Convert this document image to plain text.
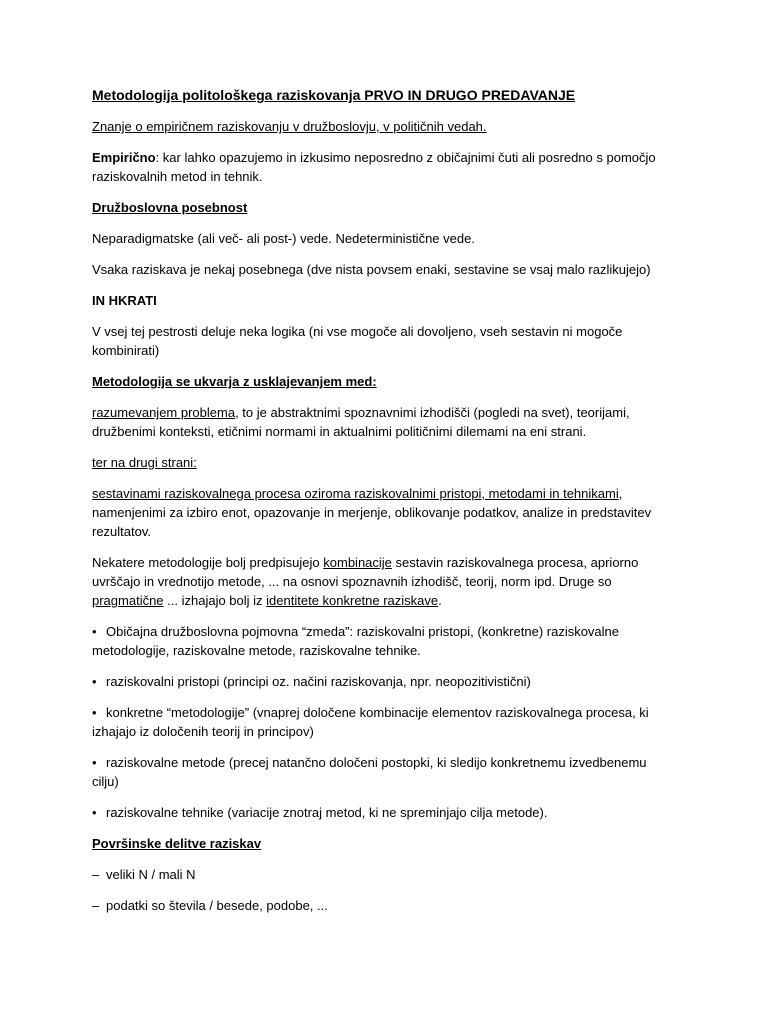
Metodologija politološkega raziskovanja PRVO IN DRUGO PREDAVANJE

Znanje o empiričnem raziskovanju v družboslovju, v političnih vedah.

Empirično: kar lahko opazujemo in izkusimo neposredno z običajnimi čuti ali posredno s pomočjo raziskovalnih metod in tehnik.

Družboslovna posebnost

Neparadigmatske (ali več- ali post-) vede. Nedeterministične vede.

Vsaka raziskava je nekaj posebnega (dve nista povsem enaki, sestavine se vsaj malo razlikujejo)

IN HKRATI

V vsej tej pestrosti deluje neka logika (ni vse mogoče ali dovoljeno, vseh sestavin ni mogoče kombinirati)

Metodologija se ukvarja z usklajevanjem med:

razumevanjem problema, to je abstraktnimi spoznavnimi izhodišči (pogledi na svet), teorijami, družbenimi konteksti, etičnimi normami in aktualnimi političnimi dilemami na eni strani.

ter na drugi strani:

sestavinami raziskovalnega procesa oziroma raziskovalnimi pristopi, metodami in tehnikami, namenjenimi za izbiro enot, opazovanje in merjenje, oblikovanje podatkov, analize in predstavitev rezultatov.

Nekatere metodologije bolj predpisujejo kombinacije sestavin raziskovalnega procesa, apriorno uvrščajo in vrednotijo metode, ... na osnovi spoznavnih izhodišč, teorij, norm ipd. Druge so pragmatične ... izhajajo bolj iz identitete konkretne raziskave.

• Običajna družboslovna pojmovna “zmeda”: raziskovalni pristopi, (konkretne) raziskovalne metodologije, raziskovalne metode, raziskovalne tehnike.

• raziskovalni pristopi (principi oz. načini raziskovanja, npr. neopozitivistični)

• konkretne “metodologije” (vnaprej določene kombinacije elementov raziskovalnega procesa, ki izhajajo iz določenih teorij in principov)

• raziskovalne metode (precej natančno določeni postopki, ki sledijo konkretnemu izvedbenemu cilju)

• raziskovalne tehnike (variacije znotraj metod, ki ne spreminjajo cilja metode).

Površinske delitve raziskav

– veliki N / mali N

– podatki so števila / besede, podobe, ...
